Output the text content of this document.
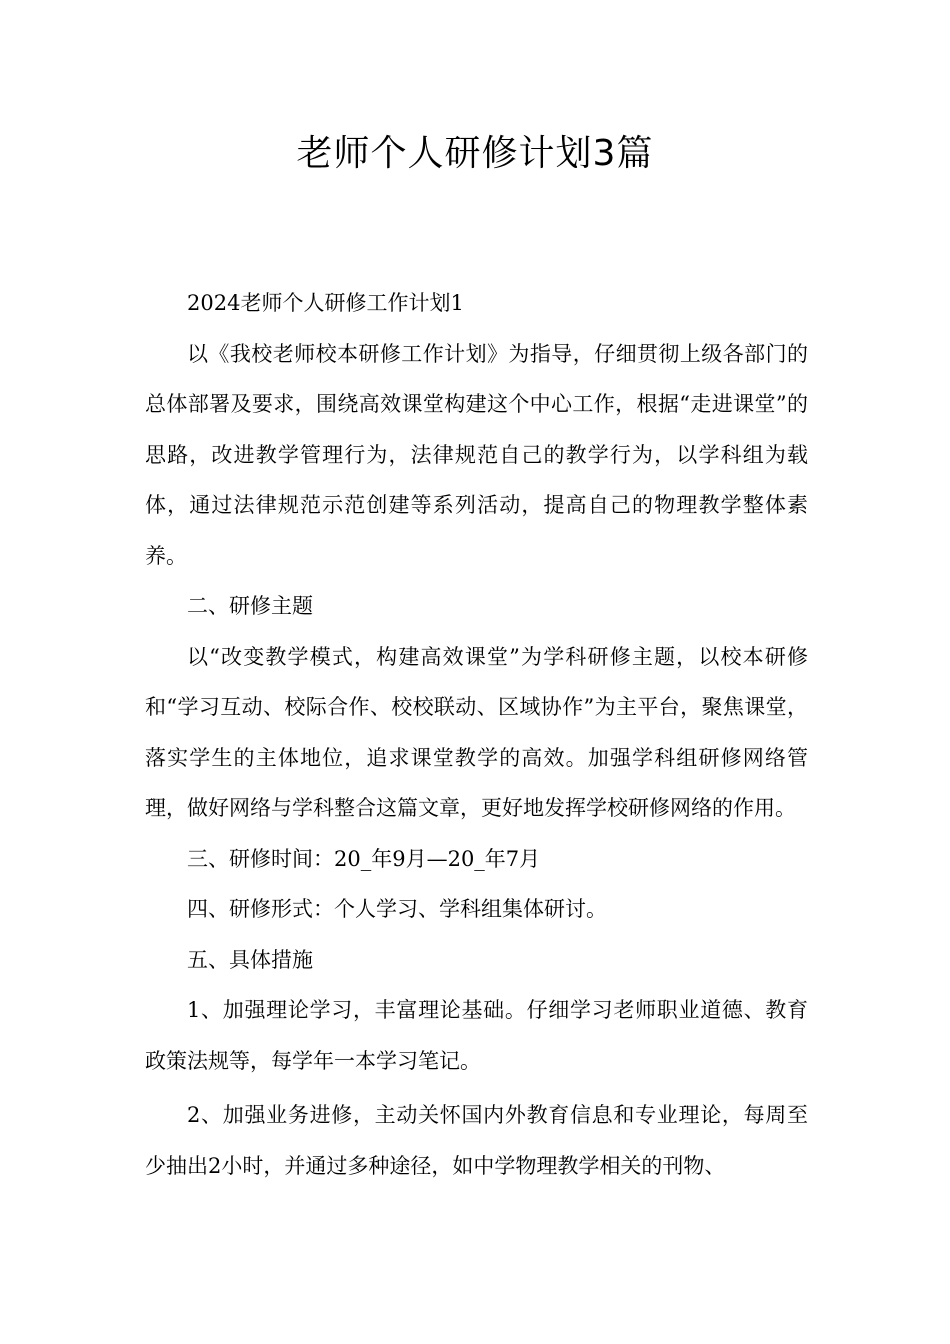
老师个人研修计划3篇

2024老师个人研修工作计划1

以《我校老师校本研修工作计划》为指导，仔细贯彻上级各部门的总体部署及要求，围绕高效课堂构建这个中心工作，根据“走进课堂”的思路，改进教学管理行为，法律规范自己的教学行为，以学科组为载体，通过法律规范示范创建等系列活动，提高自己的物理教学整体素养。

二、研修主题

以“改变教学模式，构建高效课堂”为学科研修主题，以校本研修和“学习互动、校际合作、校校联动、区域协作”为主平台，聚焦课堂，落实学生的主体地位，追求课堂教学的高效。加强学科组研修网络管理，做好网络与学科整合这篇文章，更好地发挥学校研修网络的作用。

三、研修时间：20_年9月—20_年7月

四、研修形式：个人学习、学科组集体研讨。

五、具体措施

1、加强理论学习，丰富理论基础。仔细学习老师职业道德、教育政策法规等，每学年一本学习笔记。

2、加强业务进修，主动关怀国内外教育信息和专业理论，每周至少抽出2小时，并通过多种途径，如中学物理教学相关的刊物、
